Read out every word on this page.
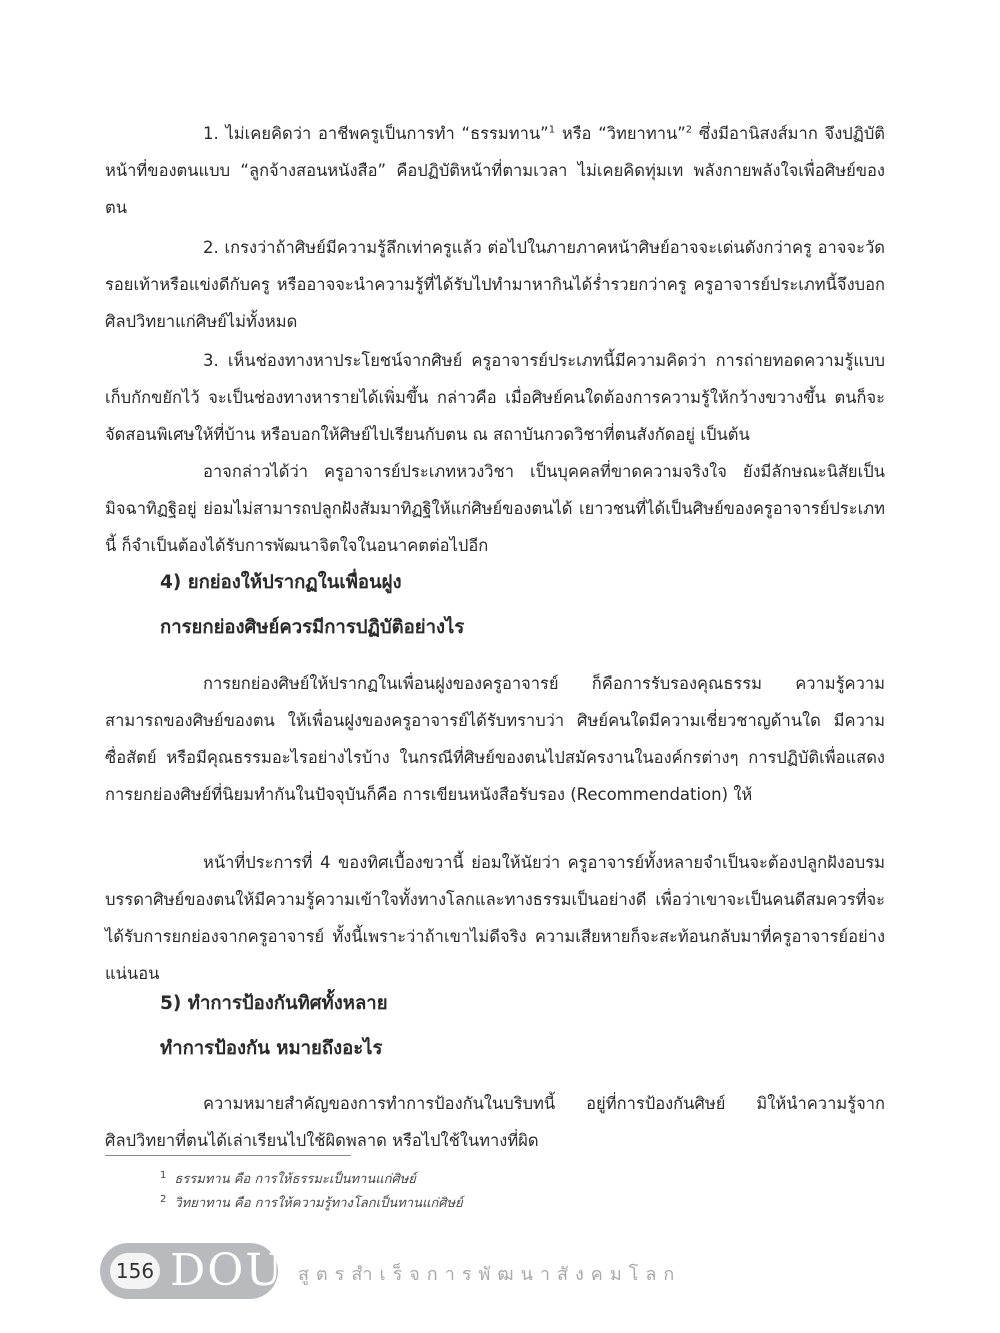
1. ไม่เคยคิดว่า อาชีพครูเป็นการทำ “ธรรมทาน”$^1$ หรือ “วิทยาทาน”$^2$ ซึ่งมีอานิสงส์มาก จึงปฏิบัติหน้าที่ของตนแบบ “ลูกจ้างสอนหนังสือ” คือปฏิบัติหน้าที่ตามเวลา ไม่เคยคิดทุ่มเท พลังกายพลังใจเพื่อศิษย์ของตน

2. เกรงว่าถ้าศิษย์มีความรู้ลึกเท่าครูแล้ว ต่อไปในภายภาคหน้าศิษย์อาจจะเด่นดังกว่าครู อาจจะวัดรอยเท้าหรือแข่งดีกับครู หรืออาจจะนำความรู้ที่ได้รับไปทำมาหากินได้ร่ำรวยกว่าครู ครูอาจารย์ประเภทนี้จึงบอกศิลปวิทยาแก่ศิษย์ไม่ทั้งหมด

3. เห็นช่องทางหาประโยชน์จากศิษย์ ครูอาจารย์ประเภทนี้มีความคิดว่า การถ่ายทอดความรู้แบบเก็บกักขยักไว้ จะเป็นช่องทางหารายได้เพิ่มขึ้น กล่าวคือ เมื่อศิษย์คนใดต้องการความรู้ให้กว้างขวางขึ้น ตนก็จะจัดสอนพิเศษให้ที่บ้าน หรือบอกให้ศิษย์ไปเรียนกับตน ณ สถาบันกวดวิชาที่ตนสังกัดอยู่ เป็นต้น

อาจกล่าวได้ว่า ครูอาจารย์ประเภทหวงวิชา เป็นบุคคลที่ขาดความจริงใจ ยังมีลักษณะนิสัยเป็นมิจฉาทิฏฐิอยู่ ย่อมไม่สามารถปลูกฝังสัมมาทิฏฐิให้แก่ศิษย์ของตนได้ เยาวชนที่ได้เป็นศิษย์ของครูอาจารย์ประเภทนี้ ก็จำเป็นต้องได้รับการพัฒนาจิตใจในอนาคตต่อไปอีก

4) ยกย่องให้ปรากฏในเพื่อนฝูง
การยกย่องศิษย์ควรมีการปฏิบัติอย่างไร

การยกย่องศิษย์ให้ปรากฏในเพื่อนฝูงของครูอาจารย์ ก็คือการรับรองคุณธรรม ความรู้ความสามารถของศิษย์ของตน ให้เพื่อนฝูงของครูอาจารย์ได้รับทราบว่า ศิษย์คนใดมีความเชี่ยวชาญด้านใด มีความซื่อสัตย์ หรือมีคุณธรรมอะไรอย่างไรบ้าง ในกรณีที่ศิษย์ของตนไปสมัครงานในองค์กรต่างๆ การปฏิบัติเพื่อแสดงการยกย่องศิษย์ที่นิยมทำกันในปัจจุบันก็คือ การเขียนหนังสือรับรอง (Recommendation) ให้

หน้าที่ประการที่ 4 ของทิศเบื้องขวานี้ ย่อมให้นัยว่า ครูอาจารย์ทั้งหลายจำเป็นจะต้องปลูกฝังอบรมบรรดาศิษย์ของตนให้มีความรู้ความเข้าใจทั้งทางโลกและทางธรรมเป็นอย่างดี เพื่อว่าเขาจะเป็นคนดีสมควรที่จะได้รับการยกย่องจากครูอาจารย์ ทั้งนี้เพราะว่าถ้าเขาไม่ดีจริง ความเสียหายก็จะสะท้อนกลับมาที่ครูอาจารย์อย่างแน่นอน

5) ทำการป้องกันทิศทั้งหลาย
ทำการป้องกัน หมายถึงอะไร

ความหมายสำคัญของการทำการป้องกันในบริบทนี้ อยู่ที่การป้องกันศิษย์ มิให้นำความรู้จากศิลปวิทยาที่ตนได้เล่าเรียนไปใช้ผิดพลาด หรือไปใช้ในทางที่ผิด

$^1$ ธรรมทาน คือ การให้ธรรมะเป็นทานแก่ศิษย์
$^2$ วิทยาทาน คือ การให้ความรู้ทางโลกเป็นทานแก่ศิษย์
156 DOU สูตรสำเร็จการพัฒนาสังคมโลก
